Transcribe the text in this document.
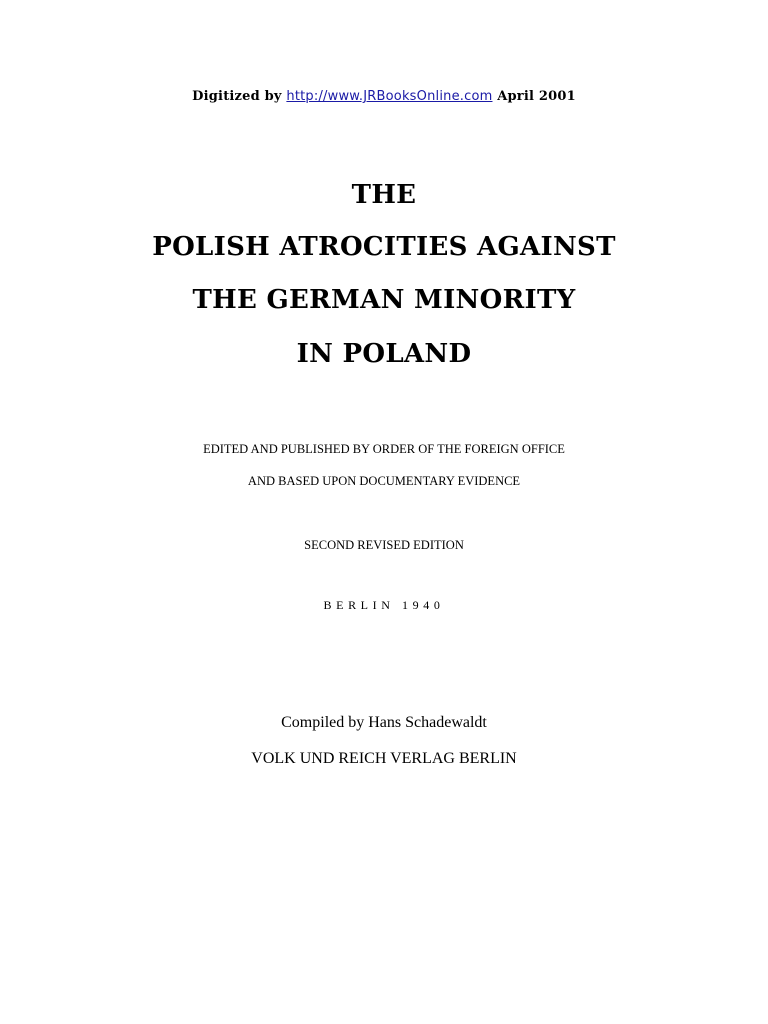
Digitized by http://www.JRBooksOnline.com April 2001
THE
POLISH ATROCITIES AGAINST
THE GERMAN MINORITY
IN POLAND
EDITED AND PUBLISHED BY ORDER OF THE FOREIGN OFFICE
AND BASED UPON DOCUMENTARY EVIDENCE
SECOND REVISED EDITION
BERLIN 1940
Compiled by Hans Schadewaldt
VOLK UND REICH VERLAG BERLIN
